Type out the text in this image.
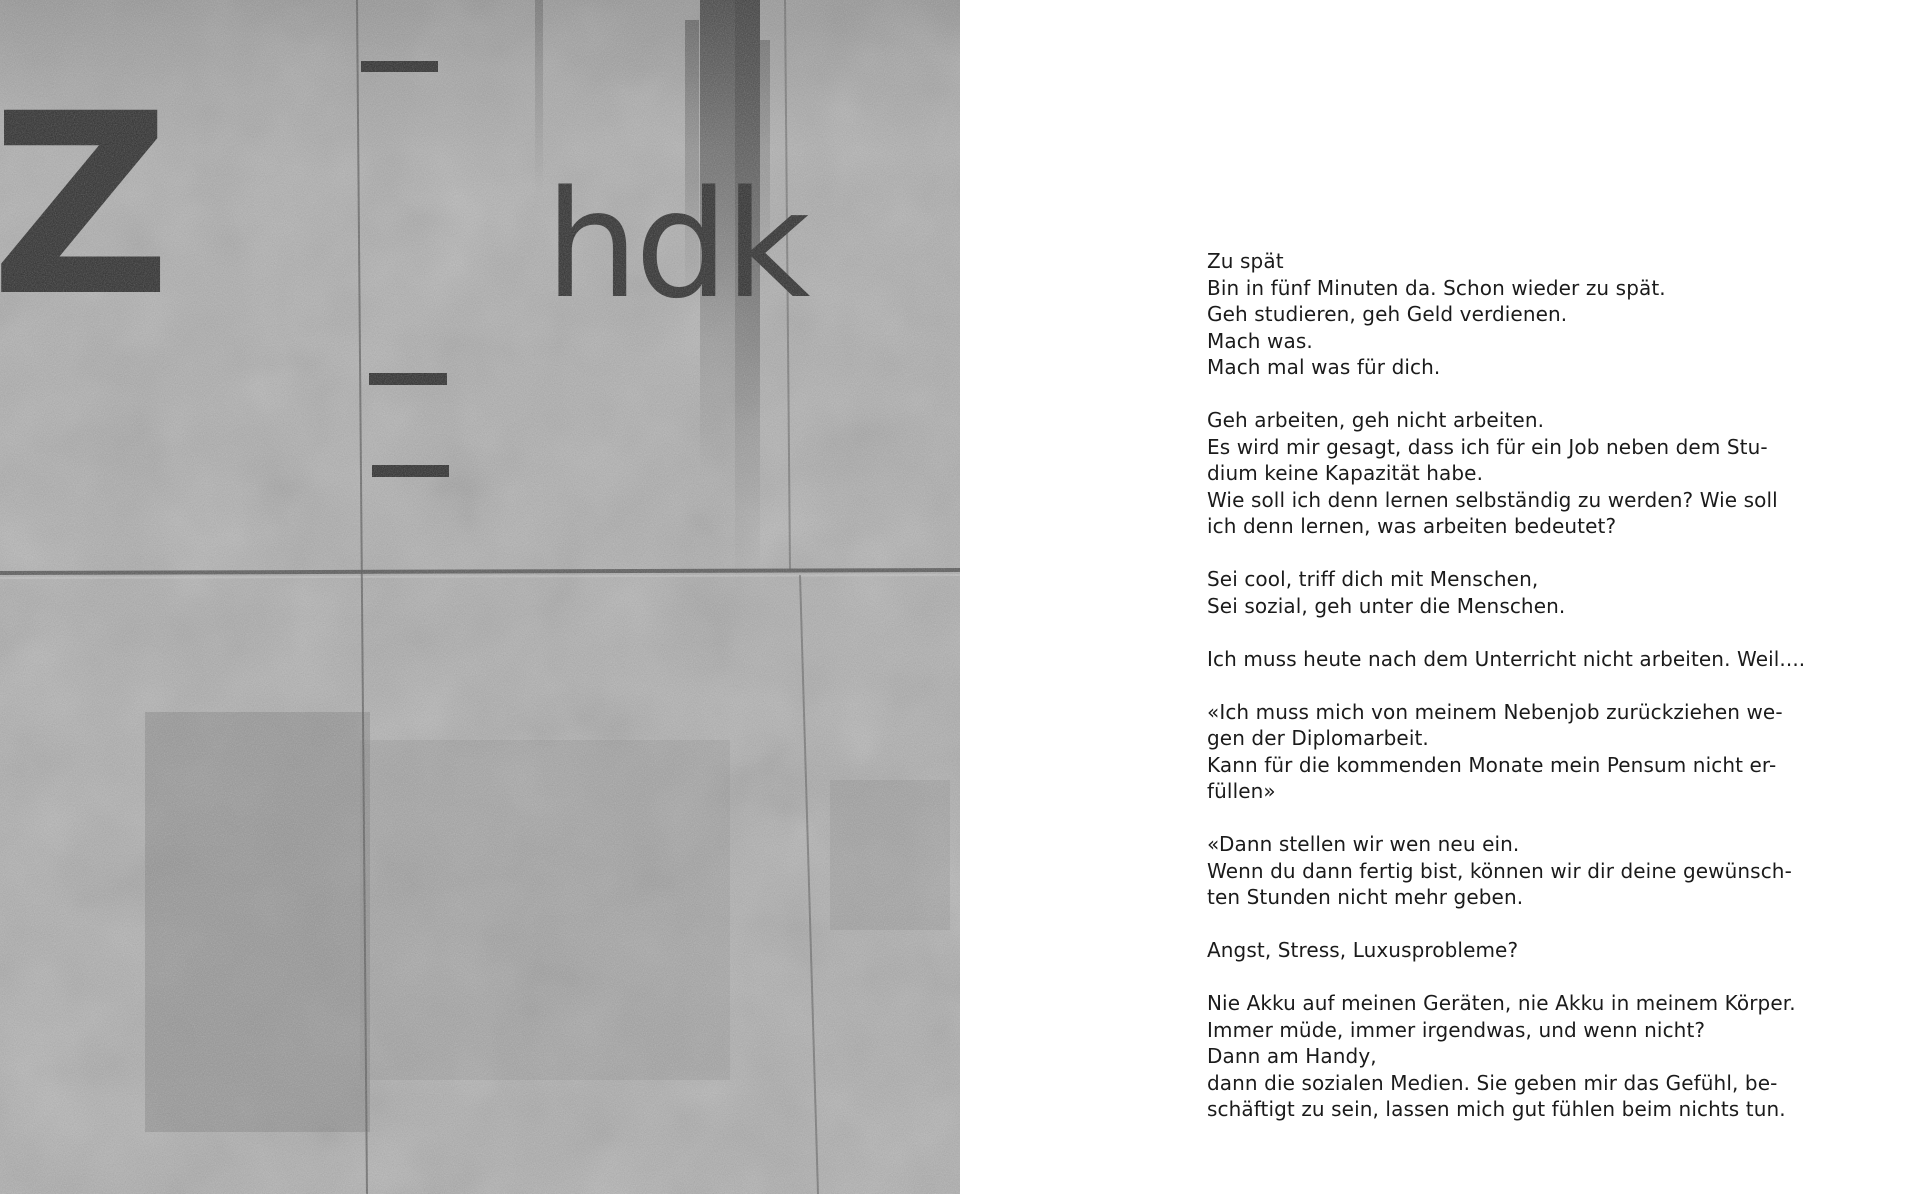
Zu spät
Bin in fünf Minuten da. Schon wieder zu spät.
Geh studieren, geh Geld verdienen.
Mach was.
Mach mal was für dich.
Geh arbeiten, geh nicht arbeiten.
Es wird mir gesagt, dass ich für ein Job neben dem Stu-
dium keine Kapazität habe.
Wie soll ich denn lernen selbständig zu werden? Wie soll
ich denn lernen, was arbeiten bedeutet?
Sei cool, triff dich mit Menschen,
Sei sozial, geh unter die Menschen.
Ich muss heute nach dem Unterricht nicht arbeiten. Weil....
«Ich muss mich von meinem Nebenjob zurückziehen we-
gen der Diplomarbeit.
Kann für die kommenden Monate mein Pensum nicht er-
füllen»
«Dann stellen wir wen neu ein.
Wenn du dann fertig bist, können wir dir deine gewünsch-
ten Stunden nicht mehr geben.
Angst, Stress, Luxusprobleme?
Nie Akku auf meinen Geräten, nie Akku in meinem Körper.
Immer müde, immer irgendwas, und wenn nicht?
Dann am Handy,
dann die sozialen Medien. Sie geben mir das Gefühl, be-
schäftigt zu sein, lassen mich gut fühlen beim nichts tun.
